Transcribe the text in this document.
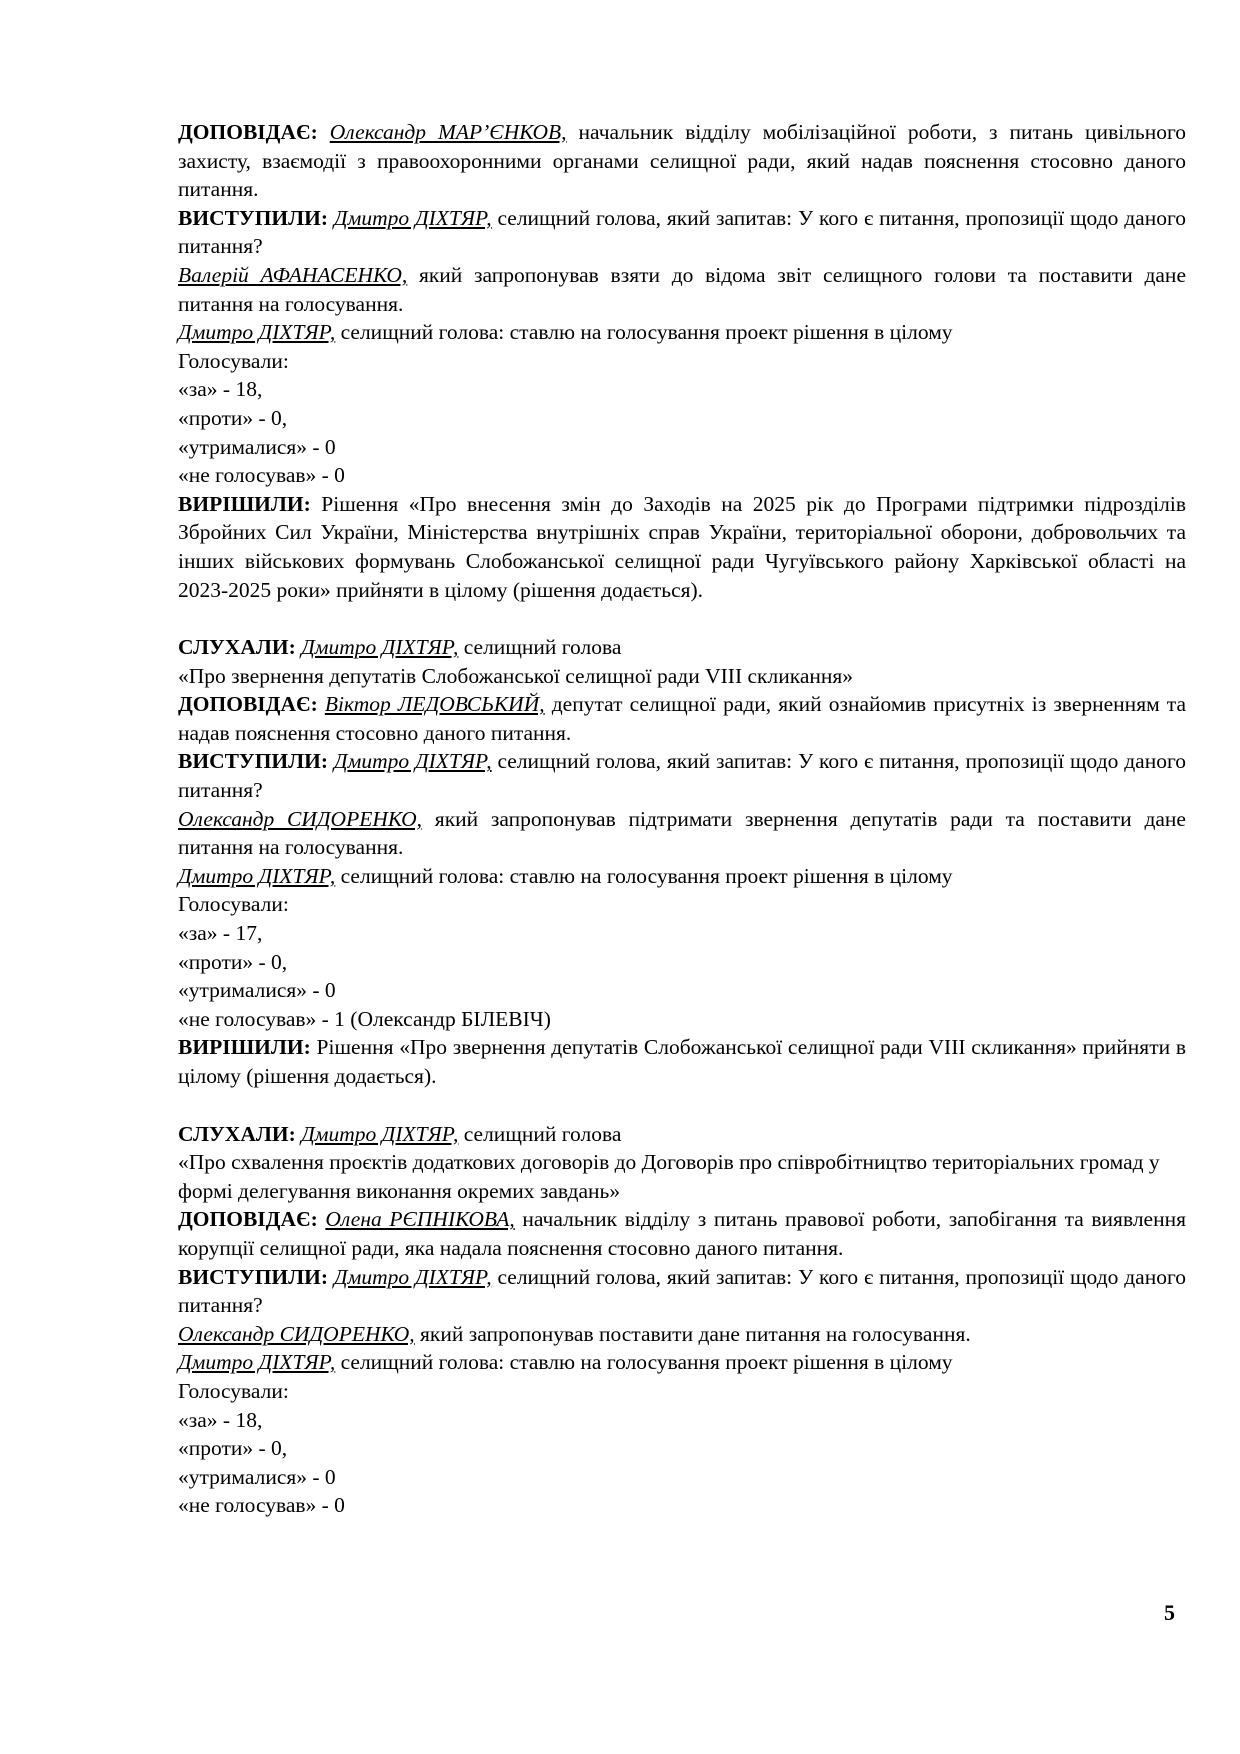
ДОПОВІДАЄ: Олександр МАР’ЄНКОВ, начальник відділу мобілізаційної роботи, з питань цивільного захисту, взаємодії з правоохоронними органами селищної ради, який надав пояснення стосовно даного питання.

ВИСТУПИЛИ: Дмитро ДІХТЯР, селищний голова, який запитав: У кого є питання, пропозиції щодо даного питання?

Валерій АФАНАСЕНКО, який запропонував взяти до відома звіт селищного голови та поставити дане питання на голосування.

Дмитро ДІХТЯР, селищний голова: ставлю на голосування проект рішення в цілому

Голосували:

«за» - 18,

«проти» - 0,

«утрималися» - 0

«не голосував» - 0

ВИРІШИЛИ: Рішення «Про внесення змін до Заходів на 2025 рік до Програми підтримки підрозділів Збройних Сил України, Міністерства внутрішніх справ України, територіальної оборони, добровольчих та інших військових формувань Слобожанської селищної ради Чугуївського району Харківської області на 2023-2025 роки» прийняти в цілому (рішення додається).

СЛУХАЛИ: Дмитро ДІХТЯР, селищний голова

«Про звернення депутатів Слобожанської селищної ради VIII скликання»

ДОПОВІДАЄ: Віктор ЛЕДОВСЬКИЙ, депутат селищної ради, який ознайомив присутніх із зверненням та надав пояснення стосовно даного питання.

ВИСТУПИЛИ: Дмитро ДІХТЯР, селищний голова, який запитав: У кого є питання, пропозиції щодо даного питання?

Олександр СИДОРЕНКО, який запропонував підтримати звернення депутатів ради та поставити дане питання на голосування.

Дмитро ДІХТЯР, селищний голова: ставлю на голосування проект рішення в цілому

Голосували:

«за» - 17,

«проти» - 0,

«утрималися» - 0

«не голосував» - 1 (Олександр БІЛЕВІЧ)

ВИРІШИЛИ: Рішення «Про звернення депутатів Слобожанської селищної ради VIII скликання» прийняти в цілому (рішення додається).

СЛУХАЛИ: Дмитро ДІХТЯР, селищний голова

«Про схвалення проєктів додаткових договорів до Договорів про співробітництво територіальних громад у формі делегування виконання окремих завдань»

ДОПОВІДАЄ: Олена РЄПНІКОВА, начальник відділу з питань правової роботи, запобігання та виявлення корупції селищної ради, яка надала пояснення стосовно даного питання.

ВИСТУПИЛИ: Дмитро ДІХТЯР, селищний голова, який запитав: У кого є питання, пропозиції щодо даного питання?

Олександр СИДОРЕНКО, який запропонував поставити дане питання на голосування.

Дмитро ДІХТЯР, селищний голова: ставлю на голосування проект рішення в цілому

Голосували:

«за» - 18,

«проти» - 0,

«утрималися» - 0

«не голосував» - 0

5
